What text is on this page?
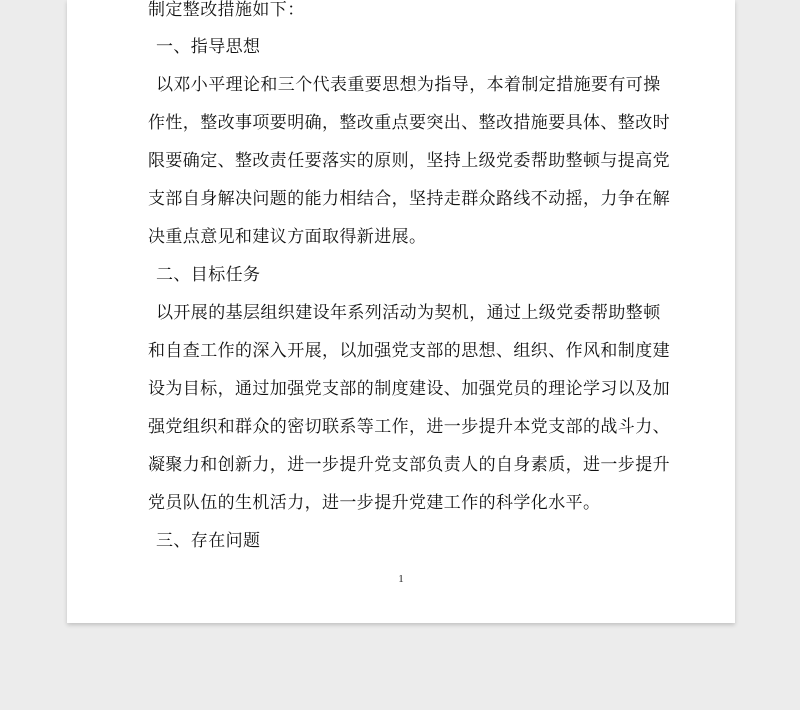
制定整改措施如下：
一、指导思想
以邓小平理论和三个代表重要思想为指导，本着制定措施要有可操
作性，整改事项要明确，整改重点要突出、整改措施要具体、整改时
限要确定、整改责任要落实的原则，坚持上级党委帮助整顿与提高党
支部自身解决问题的能力相结合，坚持走群众路线不动摇，力争在解
决重点意见和建议方面取得新进展。
二、目标任务
以开展的基层组织建设年系列活动为契机，通过上级党委帮助整顿
和自查工作的深入开展，以加强党支部的思想、组织、作风和制度建
设为目标，通过加强党支部的制度建设、加强党员的理论学习以及加
强党组织和群众的密切联系等工作，进一步提升本党支部的战斗力、
凝聚力和创新力，进一步提升党支部负责人的自身素质，进一步提升
党员队伍的生机活力，进一步提升党建工作的科学化水平。
三、存在问题
1
